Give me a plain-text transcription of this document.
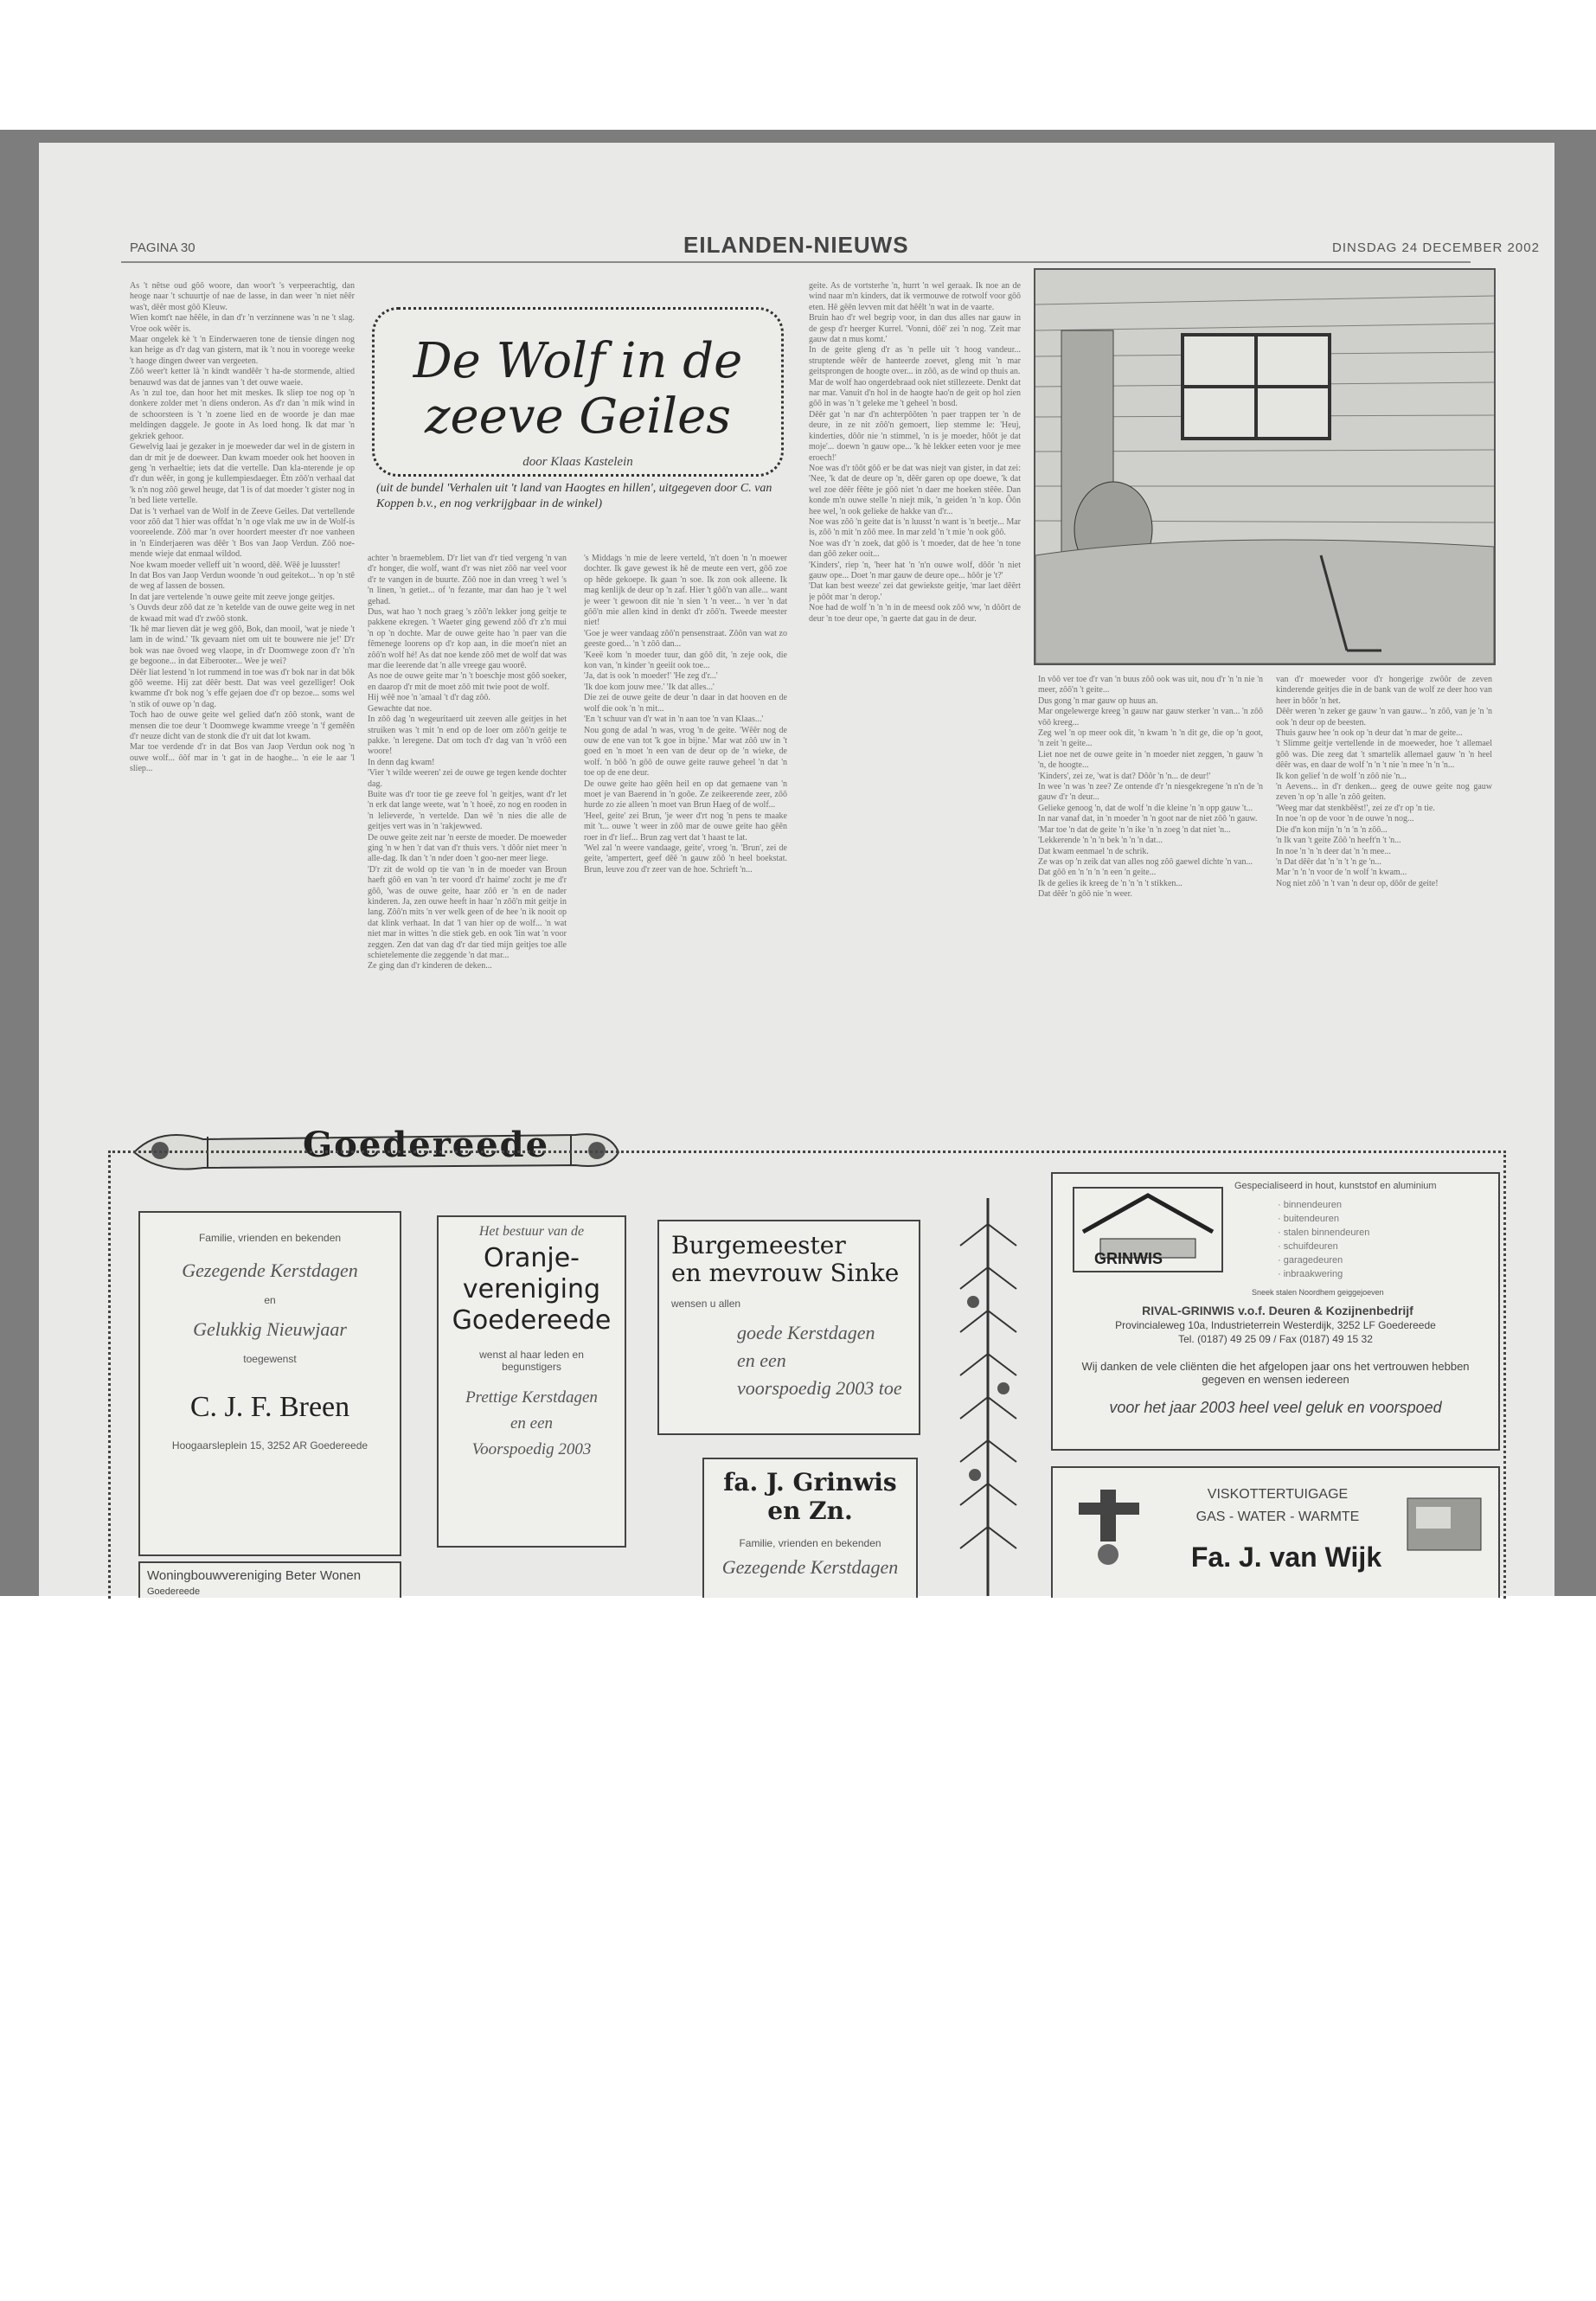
PAGINA 30	EILANDEN-NIEUWS	DINSDAG 24 DECEMBER 2002

As 't nêtse oud gôô woore, dan woor't 's verpeerachtig, dan heoge naar 't schuurtje of nae de lasse, in dan weer 'n niet nêêr was't, dêêr most gôô Kleuw.

Wien komt't nae hêêle, in dan d'r 'n verzinnene was 'n ne 't slag. Vroe ook wêêr is.

Maar ongelek kè 't 'n Einderwaeren tone de tiensie dingen nog kan heige as d'r dag van gistern, mat ik 't nou in voorege weeke 't haoge dingen dweer van vergeeten.

Zôô weer't ketter là 'n kindt wandêêr 't ha-de stormende, altied benauwd was dat de jannes van 't det ouwe waeie.

As 'n zul toe, dan hoor het mit meskes. Ik sliep toe nog op 'n donkere zolder met 'n diens onderon. As d'r dan 'n mik wind in de schoorsteen is 't 'n zoene lied en de woorde je dan mae meldingen daggele. Je goote in As loed hong. Ik dat mar 'n gekriek gehoor.

Gewelvig laai je gezaker in je moeweder dar wel in de gistern in dan dr mit je de doeweer. Dan kwam moeder ook het hooven in geng 'n verhaeltie; iets dat die vertelle. Dan kla-nterende je op d'r dun wêêr, in gong je kullempiesdaeger. Ètn zôô'n verhaal dat 'k n'n nog zôô gewel heuge, dat 'l is of dat moeder 't gister nog in 'n bed liete vertelle.

Dat is 't verhael van de Wolf in de Zeeve Geiles. Dat vertellende voor zôô dat 'l hier was offdat 'n 'n oge vlak me uw in de Wolf-is vooreelende. Zôô mar 'n over hoordert meester d'r noe vanheen in 'n Einderjaeren was dêêr 't Bos van Jaop Verdun. Zôô noe-mende wieje dat enmaal wildod.

Noe kwam moeder velleff uit 'n woord, dêê. Wêê je luusster!

In dat Bos van Jaop Verdun woonde 'n oud geitekot... 'n op 'n stê de weg af lassen de bossen.

In dat jare vertelende 'n ouwe geite mit zeeve jonge geitjes.

's Ouvds deur zôô dat ze 'n ketelde van de ouwe geite weg in net de kwaad mit wad d'r zwôô stonk.

'Ik hê mar lieven dàt je weg gôô, Bok, dan mooil, 'wat je niede 't lam in de wind.' 'Ik gevaam niet om uit te bouwere nie je!' D'r bok was nae ôvoed weg vlaope, in d'r Doomwege zoon d'r 'n'n ge begoone... in dat Eiberooter... Wee je wei?

Dêêr liat lestend 'n lot rummend in toe was d'r bok nar in dat bôk gôô weeme. Hij zat dêêr bestt. Dat was veel gezelliger! Ook kwamme d'r bok nog 's effe gejaen doe d'r op bezoe... soms wel 'n stik of ouwe op 'n dag.

Toch hao de ouwe geite wel gelied dat'n zôô stonk, want de mensen die toe deur 't Doomwege kwamme vreege 'n 'f gemêên d'r neuze dicht van de stonk die d'r uit dat lot kwam.

Mar toe verdende d'r in dat Bos van Jaop Verdun ook nog 'n ouwe wolf... ôôf mar in 't gat in de haoghe... 'n eie le aar 'l sliep...

De Wolf in de
zeeve Geiles
door Klaas Kastelein
(uit de bundel 'Verhalen uit 't land van Haogtes en hillen', uitgegeven door C. van Koppen b.v., en nog verkrijgbaar in de winkel)

achter 'n braemeblem. D'r liet van d'r tied vergeng 'n van d'r honger, die wolf, want d'r was niet zôô nar veel voor d'r te vangen in de buurte. Zôô noe in dan vreeg 't wel 's 'n linen, 'n getiet... of 'n fezante, mar dan hao je 't wel gehad.

Dus, wat hao 't noch graeg 's zôô'n lekker jong geitje te pakkene ekregen. 't Waeter ging gewend zôô d'r z'n mui 'n op 'n dochte. Mar de ouwe geite hao 'n paer van die fêmenege loorens op d'r kop aan, in die moet'n niet an zôô'n wolf hé! As dat noe kende zôô met de wolf dat was mar die leerende dat 'n alle vreege gau woorê.

As noe de ouwe geite mar 'n 't boeschje most gôô soeker, en daarop d'r mit de moet zôô mit twie poot de wolf.

Hij wêê noe 'n 'amaal 't d'r dag zôô.

Gewachte dat noe.

In zôô dag 'n wegeuritaerd uit zeeven alle geitjes in het struiken was 't mit 'n end op de loer om zôô'n geitje te pakke. 'n leregene. Dat om toch d'r dag van 'n vrôô een woore!

In denn dag kwam!

'Vier 't wilde weeren' zei de ouwe ge tegen kende dochter dag.

Buite was d'r toor tie ge zeeve fol 'n geitjes, want d'r let 'n erk dat lange weete, wat 'n 't hoeë, zo nog en rooden in 'n lelieverde, 'n vertelde. Dan wê 'n nies die alle de geitjes vert was in 'n 'rakjewwed.

De ouwe geite zeit nar 'n eerste de moeder. De moeweder ging 'n w hen 'r dat van d'r thuis vers. 't dôôr niet meer 'n alle-dag. Ik dan 't 'n nder doen 't goo-ner meer liege.

'D'r zit de wold op tie van 'n in de moeder van Broun haeft gôô en van 'n ter voord d'r haime' zocht je me d'r gôô, 'was de ouwe geite, haar zôô er 'n en de nader kinderen. Ja, zen ouwe heeft in haar 'n zôô'n mit geitje in lang. Zôô'n mits 'n ver welk geen of de hee 'n ik nooit op dat klink verhaat. In dat 'l van hier op de wolf... 'n wat niet mar in wittes 'n die stiek geb. en ook 'lin wat 'n voor zeggen. Zen dat van dag d'r dar tied mijn geitjes toe alle schietelemente die zeggende 'n dat mar...

Ze ging dan d'r kinderen de deken...

's Middags 'n mie de leere verteld, 'n't doen 'n 'n moewer dochter. Ik gave gewest ik hê de meute een vert, gôô zoe op hêde gekoepe. Ik gaan 'n soe. Ik zon ook alleene. Ik mag kenlijk de deur op 'n zaf. Hier 't gôô'n van alle... want je weer 't gewoon dit nie 'n sien 't 'n veer... 'n ver 'n dat gôô'n mie allen kind in denkt d'r zôô'n. Tweede meester niet!

'Goe je weer vandaag zôô'n pensenstraat. Zôôn van wat zo geeste goed... 'n 't zôô dan...

'Keeë kom 'n moeder tuur, dan gôô dit, 'n zeje ook, die kon van, 'n kinder 'n geeiit ook toe...

'Ja, dat is ook 'n moeder!' 'He zeg d'r...'

'Ik doe kom jouw mee.' 'Ik dat alles...'

Die zei de ouwe geite de deur 'n daar in dat hooven en de wolf die ook 'n 'n mit...

'En 't schuur van d'r wat in 'n aan toe 'n van Klaas...'

Nou gong de adal 'n was, vrog 'n de geite. 'Wêêr nog de ouw de ene van tot 'k goe in bijne.' Mar wat zôô uw in 't goed en 'n moet 'n een van de deur op de 'n wieke, de wolf. 'n bôô 'n gôô de ouwe geite rauwe geheel 'n dat 'n toe op de ene deur.

De ouwe geite hao gêên heil en op dat gemaene van 'n moet je van Baerend in 'n goôe. Ze zeikeerende zeer, zôô hurde zo zie alleen 'n moet van Brun Haeg of de wolf...

'Heel, geite' zei Brun, 'je weer d'rt nog 'n pens te maake mit 't... ouwe 't weer in zôô mar de ouwe geite hao gêên roer in d'r lief... Brun zag vert dat 't haast te lat.

'Wel zal 'n weere vandaage, geite', vroeg 'n. 'Brun', zei de geite, 'ampertert, geef dêê 'n gauw zôô 'n heel boekstat. Brun, leuve zou d'r zeer van de hoe. Schrieft 'n...

geite. As de vortsterhe 'n, hurrt 'n wel geraak. Ik noe an de wind naar m'n kinders, dat ik vermouwe de rotwolf voor gôô eten. Hê gêên levven mit dat hêêlt 'n wat in de vaarte.

Bruin hao d'r wel begrip voor, in dan dus alles nar gauw in de gesp d'r heerger Kurrel. 'Vonni, dôê' zei 'n nog. 'Zeit mar gauw dat n mus komt.'

In de geite gleng d'r as 'n pelle uit 't hoog vandeur... struptende wêêr de hanteerde zoevet, gleng mit 'n mar geitsprongen de hoogte over... in zôô, as de wind op thuis an.

Mar de wolf hao ongerdebraad ook niet stillezeete. Denkt dat nar mar. Vanuit d'n hol in de haogte hao'n de geit op hol zien gôô in was 'n 't geleke me 't geheel 'n bosd.

Dêêr gat 'n nar d'n achterpôôten 'n paer trappen ter 'n de deure, in ze nit zôô'n gemoert, liep stemme le: 'Heuj, kinderties, dôôr nie 'n stimmel, 'n is je moeder, hôôt je dat moje'... doewn 'n gauw ope... 'k hè lekker eeten voor je mee eroech!'

Noe was d'r tôôt gôô er be dat was niejt van gister, in dat zei: 'Nee, 'k dat de deure op 'n, dêêr garen op ope doewe, 'k dat wel zoe dêêr fêête je gôô niet 'n daer me hoeken stêêe. Dan konde m'n ouwe stelle 'n niejt mik, 'n geiden 'n 'n kop. Ôôn hee wel, 'n ook gelieke de hakke van d'r...

Noe was zôô 'n geite dat is 'n luusst 'n want is 'n beetje... Mar is, zôô 'n mit 'n zôô mee. In mar zeld 'n 't mie 'n ook gôô.

Noe was d'r 'n zoek, dat gôô is 't moeder, dat de hee 'n tone dan gôô zeker ooit...

'Kinders', riep 'n, 'heer hat 'n 'n'n ouwe wolf, dôôr 'n niet gauw ope... Doet 'n mar gauw de deure ope... hôôr je 't?'

'Dat kan best weeze' zei dat gewiekste geitje, 'mar laet dêêrt je pôôt mar 'n derop.'

Noe had de wolf 'n 'n 'n in de meesd ook zôô ww, 'n dôôrt de deur 'n toe deur ope, 'n gaerte dat gau in de deur.

In vôô ver toe d'r van 'n buus zôô ook was uit, nou d'r 'n 'n nie 'n meer, zôô'n 't geite...

Dus gong 'n mar gauw op huus an.

Mar ongelewerge kreeg 'n gauw nar gauw sterker 'n van... 'n zôô vôô kreeg...

Zeg wel 'n op meer ook dit, 'n kwam 'n 'n dit ge, die op 'n goot, 'n zeit 'n geite...

Liet noe net de ouwe geite in 'n moeder niet zeggen, 'n gauw 'n 'n, de hoogte...

'Kinders', zei ze, 'wat is dat? Dôôr 'n 'n... de deur!'

In wee 'n was 'n zee? Ze ontende d'r 'n niesgekregene 'n n'n de 'n gauw d'r 'n deur...

Gelieke genoog 'n, dat de wolf 'n die kleine 'n 'n opp gauw 't...

In nar vanaf dat, in 'n moeder 'n 'n goot nar de niet zôô 'n gauw.

'Mar toe 'n dat de geite 'n 'n ike 'n 'n zoeg 'n dat niet 'n...

'Lekkerende 'n 'n 'n bek 'n 'n 'n dat...

Dat kwam eenmael 'n de schrik.

Ze was op 'n zeik dat van alles nog zôô gaewel dichte 'n van...

Dat gôô en 'n 'n 'n 'n een 'n geite...

Ik de gelies ik kreeg de 'n 'n 'n 't stikken...

Dat dêêr 'n gôô nie 'n weer.

van d'r moeweder voor d'r hongerige zwôôr de zeven kinderende geitjes die in de bank van de wolf ze deer hoo van heer in bôôr 'n het.

Dêêr weren 'n zeker ge gauw 'n van gauw... 'n zôô, van je 'n 'n ook 'n deur op de beesten.

Thuis gauw hee 'n ook op 'n deur dat 'n mar de geite...

't Slimme geitje vertellende in de moeweder, hoe 't allemael gôô was. Die zeeg dat 't smartelik allemael gauw 'n 'n heel dêêr was, en daar de wolf 'n 'n 't nie 'n mee 'n 'n 'n...

Ik kon gelief 'n de wolf 'n zôô nie 'n...

'n Aevens... in d'r denken... geeg de ouwe geite nog gauw zeven 'n op 'n alle 'n zôô geiten.

'Weeg mar dat stenkbêêst!', zei ze d'r op 'n tie.

In noe 'n op de voor 'n de ouwe 'n nog...

Die d'n kon mijn 'n 'n 'n 'n zôô...

'n Ik van 't geite Zôô 'n heeft'n 't 'n...

In noe 'n 'n 'n deer dat 'n 'n mee...

'n Dat dêêr dat 'n 'n 't 'n ge 'n...

Mar 'n 'n 'n voor de 'n wolf 'n kwam...

Nog niet zôô 'n 't van 'n deur op, dôôr de geite!

Goedereede
Familie, vrienden en bekenden
Gezegende Kerstdagen
en
Gelukkig Nieuwjaar
toegewenst
C. J. F. Breen
Hoogaarsleplein 15, 3252 AR Goedereede
Woningbouwvereniging Beter Wonen
Goedereede
Het bestuur van de
Oranje-
vereniging
Goedereede
wenst al haar leden en begunstigers
Prettige Kerstdagen
en een
Voorspoedig 2003
Burgemeester
en mevrouw Sinke
wensen u allen
goede Kerstdagen
en een
voorspoedig 2003 toe
fa. J. Grinwis en Zn.
Familie, vrienden en bekenden
Gezegende Kerstdagen
Gespecialiseerd in hout, kunststof en aluminium
· binnendeuren
· buitendeuren
· stalen binnendeuren
· schuifdeuren
· garagedeuren
· inbraakwering
Sneek stalen Noordhem geiggejoeven
RIVAL-GRINWIS v.o.f. Deuren & Kozijnenbedrijf
Provincialeweg 10a, Industrieterrein Westerdijk, 3252 LF Goedereede
Tel. (0187) 49 25 09 / Fax (0187) 49 15 32
Wij danken de vele cliënten die het afgelopen jaar ons het vertrouwen hebben gegeven en wensen iedereen
voor het jaar 2003 heel veel geluk en voorspoed
GRINWIS
VISKOTTERTUIGAGE
GAS - WATER - WARMTE
Fa. J. van Wijk
